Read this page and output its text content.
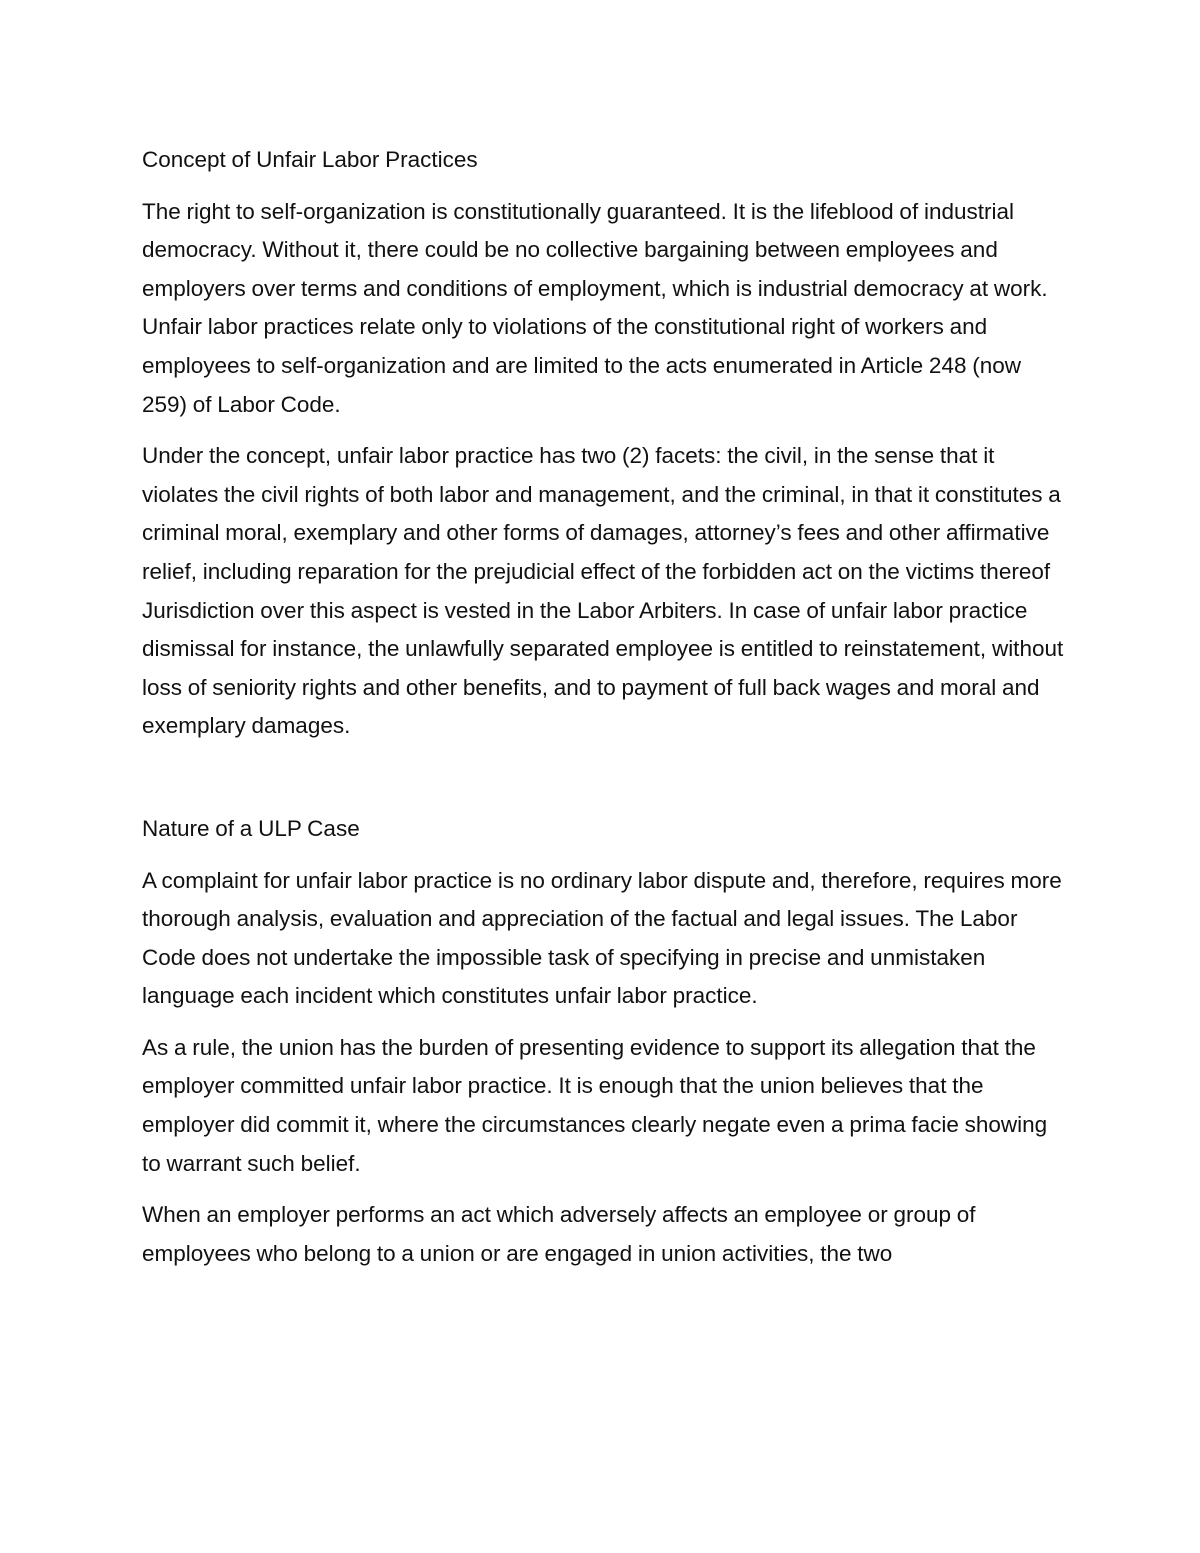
Concept of Unfair Labor Practices

The right to self-organization is constitutionally guaranteed. It is the lifeblood of industrial democracy. Without it, there could be no collective bargaining between employees and employers over terms and conditions of employment, which is industrial democracy at work. Unfair labor practices relate only to violations of the constitutional right of workers and employees to self-organization and are limited to the acts enumerated in Article 248 (now 259) of Labor Code.

Under the concept, unfair labor practice has two (2) facets: the civil, in the sense that it violates the civil rights of both labor and management, and the criminal, in that it constitutes a criminal moral, exemplary and other forms of damages, attorney’s fees and other affirmative relief, including reparation for the prejudicial effect of the forbidden act on the victims thereof Jurisdiction over this aspect is vested in the Labor Arbiters. In case of unfair labor practice dismissal for instance, the unlawfully separated employee is entitled to reinstatement, without loss of seniority rights and other benefits, and to payment of full back wages and moral and exemplary damages.

Nature of a ULP Case

A complaint for unfair labor practice is no ordinary labor dispute and, therefore, requires more thorough analysis, evaluation and appreciation of the factual and legal issues. The Labor Code does not undertake the impossible task of specifying in precise and unmistaken language each incident which constitutes unfair labor practice.

As a rule, the union has the burden of presenting evidence to support its allegation that the employer committed unfair labor practice. It is enough that the union believes that the employer did commit it, where the circumstances clearly negate even a prima facie showing to warrant such belief.

When an employer performs an act which adversely affects an employee or group of employees who belong to a union or are engaged in union activities, the two
